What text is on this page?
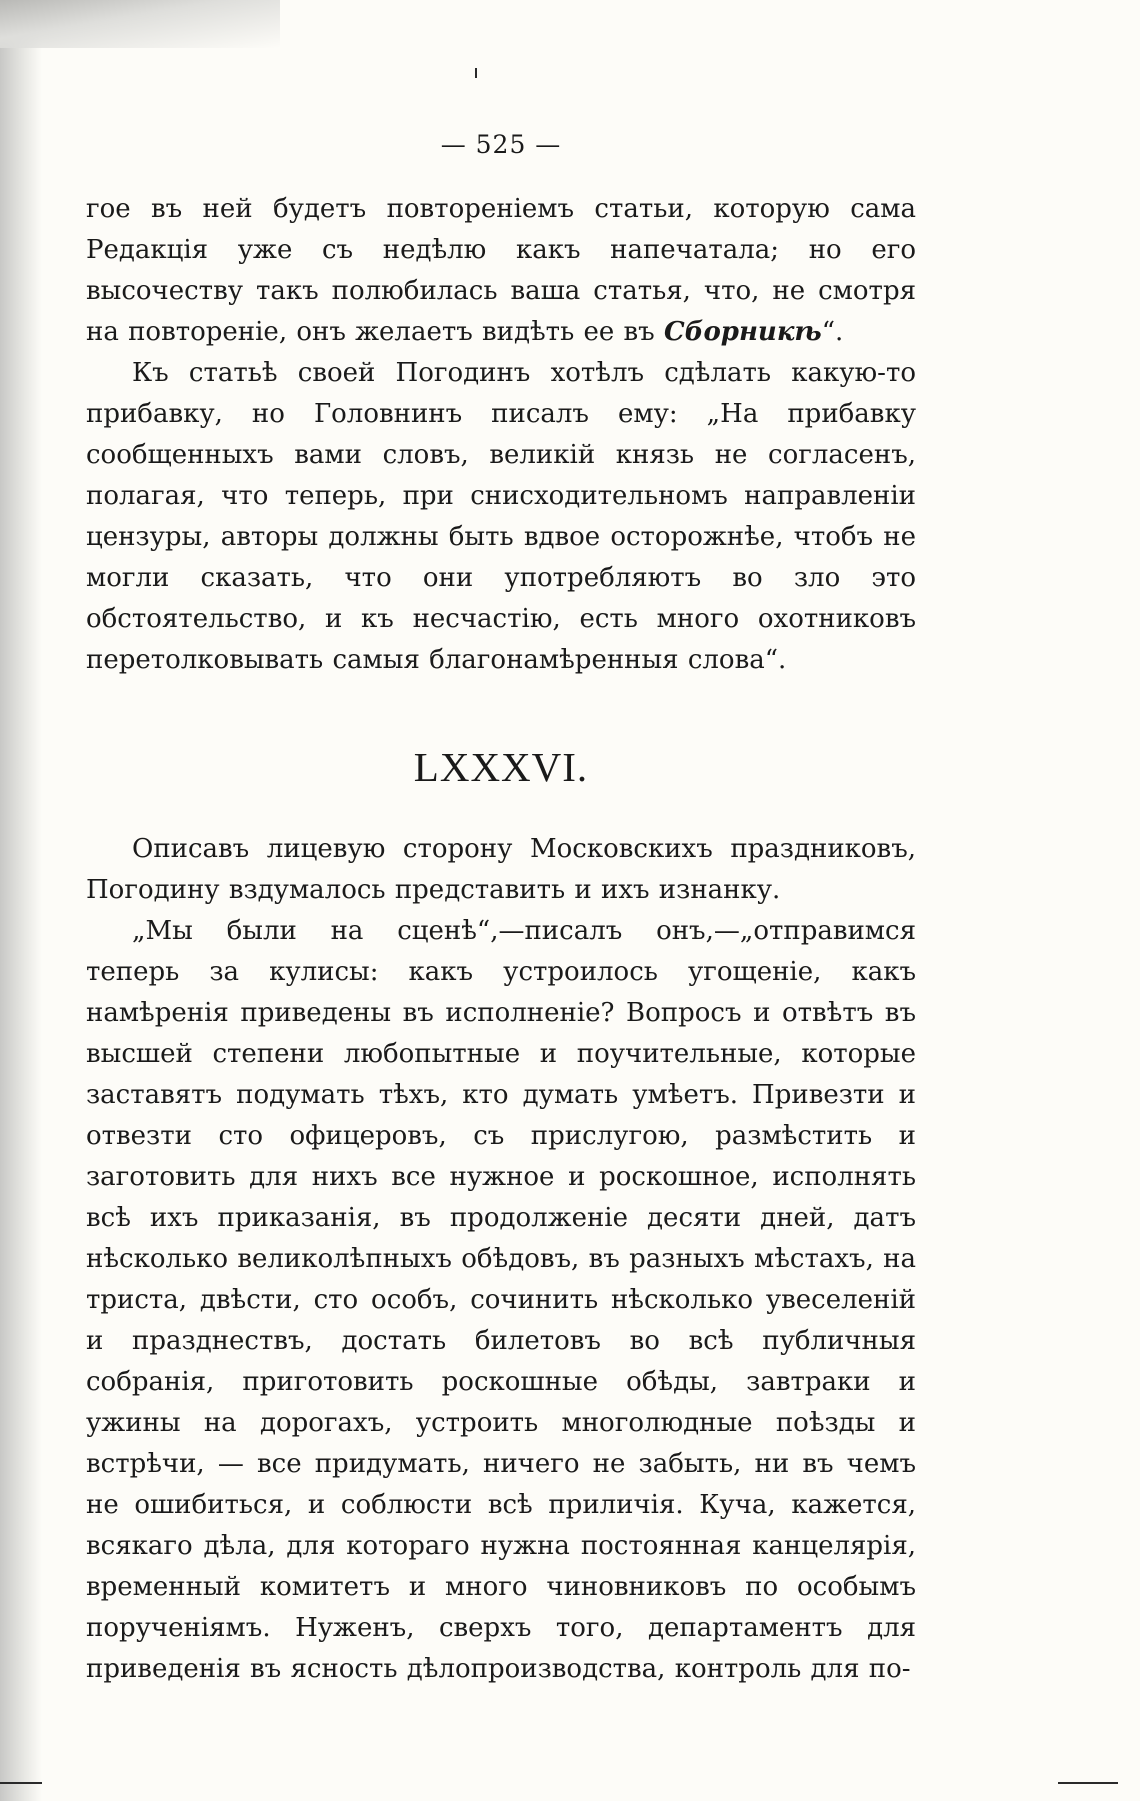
— 525 —

гое въ ней будетъ повтореніемъ статьи, которую сама Редакція уже съ недѣлю какъ напечатала; но его высочеству такъ полюбилась ваша статья, что, не смотря на повтореніе, онъ желаетъ видѣть ее въ Сборникѣ“.

Къ статьѣ своей Погодинъ хотѣлъ сдѣлать какую-то прибавку, но Головнинъ писалъ ему: „На прибавку сообщенныхъ вами словъ, великій князь не согласенъ, полагая, что теперь, при снисходительномъ направленіи цензуры, авторы должны быть вдвое осторожнѣе, чтобъ не могли сказать, что они употребляютъ во зло это обстоятельство, и къ несчастію, есть много охотниковъ перетолковывать самыя благонамѣренныя слова“.

LXXXVI.

Описавъ лицевую сторону Московскихъ праздниковъ, Погодину вздумалось представить и ихъ изнанку.

„Мы были на сценѣ“,—писалъ онъ,—„отправимся теперь за кулисы: какъ устроилось угощеніе, какъ намѣренія приведены въ исполненіе? Вопросъ и отвѣтъ въ высшей степени любопытные и поучительные, которые заставятъ подумать тѣхъ, кто думать умѣетъ. Привезти и отвезти сто офицеровъ, съ прислугою, размѣстить и заготовить для нихъ все нужное и роскошное, исполнять всѣ ихъ приказанія, въ продолженіе десяти дней, датъ нѣсколько великолѣпныхъ обѣдовъ, въ разныхъ мѣстахъ, на триста, двѣсти, сто особъ, сочинить нѣсколько увеселеній и празднествъ, достать билетовъ во всѣ публичныя собранія, приготовить роскошные обѣды, завтраки и ужины на дорогахъ, устроить многолюдные поѣзды и встрѣчи, — все придумать, ничего не забыть, ни въ чемъ не ошибиться, и соблюсти всѣ приличія. Куча, кажется, всякаго дѣла, для котораго нужна постоянная канцелярія, временный комитетъ и много чиновниковъ по особымъ порученіямъ. Нуженъ, сверхъ того, департаментъ для приведенія въ ясность дѣлопроизводства, контроль для по-
